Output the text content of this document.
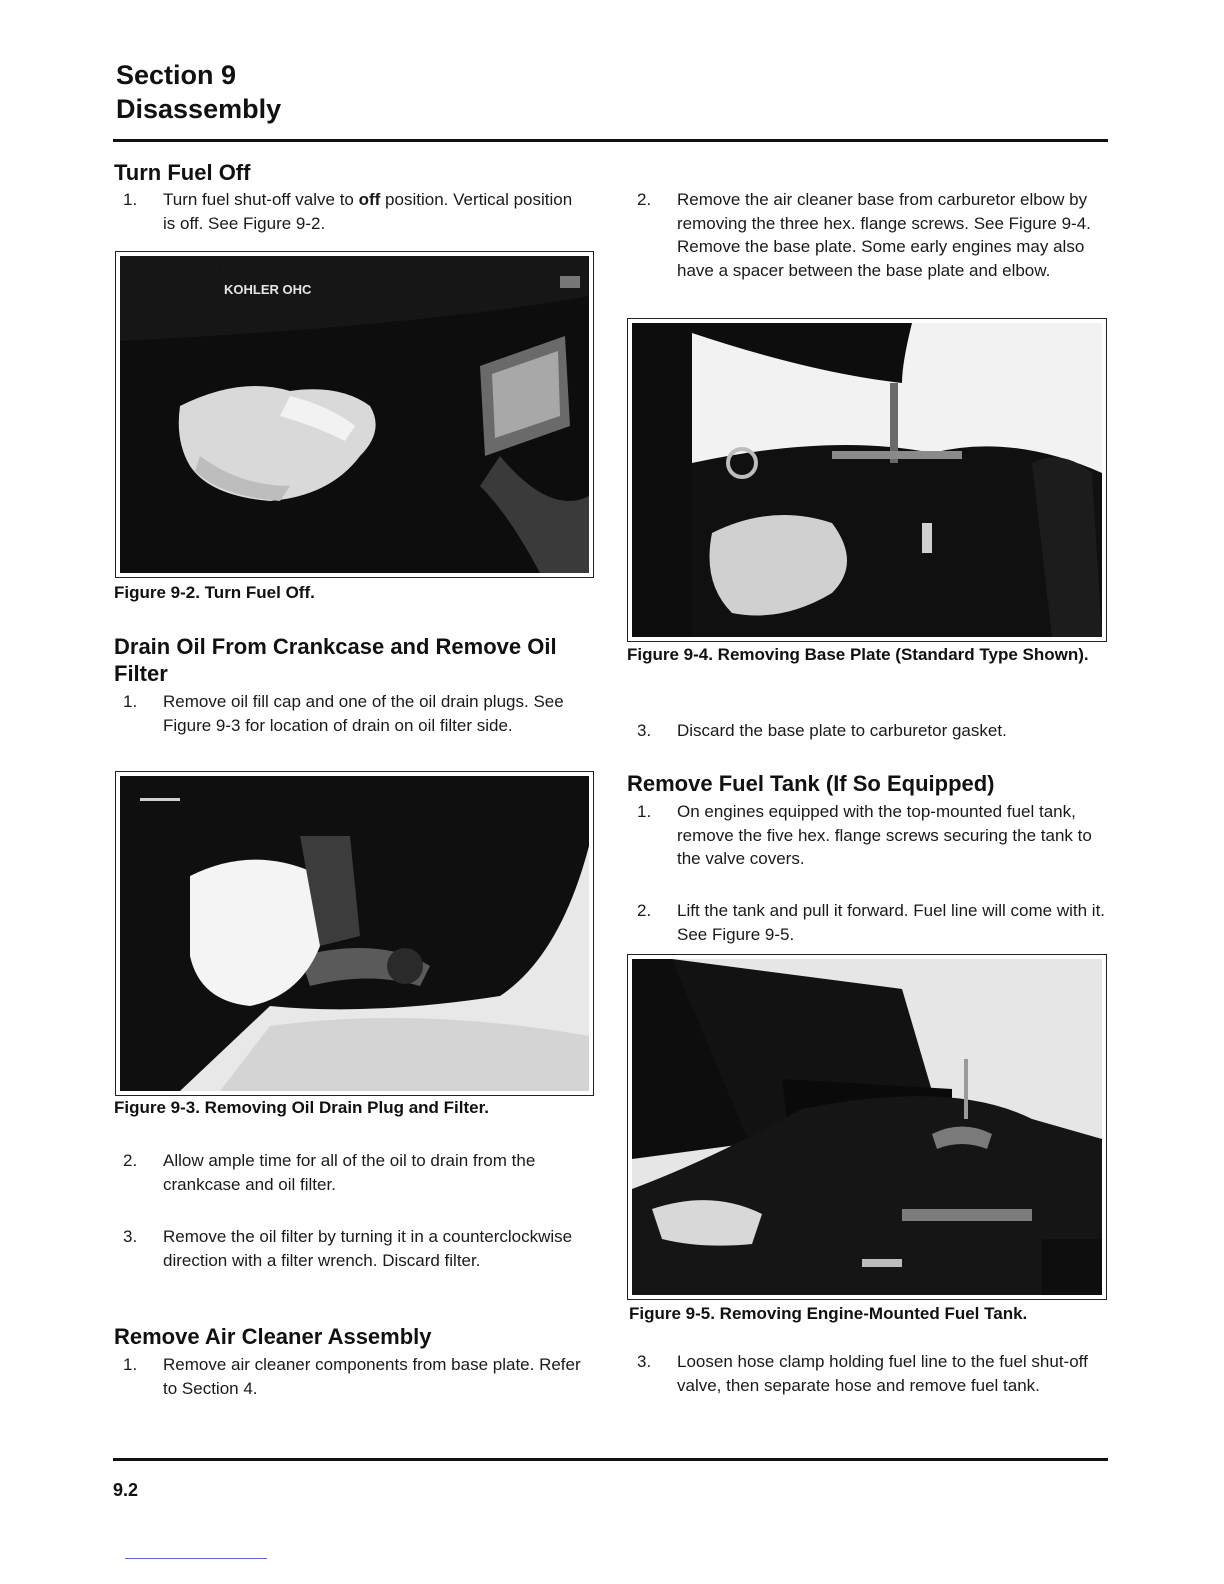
Section 9
Disassembly
Turn Fuel Off
1.	Turn fuel shut-off valve to off position. Vertical position is off. See Figure 9-2.
KOHLER OHC
Figure 9-2. Turn Fuel Off.
Drain Oil From Crankcase and Remove Oil Filter
1.	Remove oil fill cap and one of the oil drain plugs. See Figure 9-3 for location of drain on oil filter side.
Figure 9-3. Removing Oil Drain Plug and Filter.
2.	Allow ample time for all of the oil to drain from the crankcase and oil filter.
3.	Remove the oil filter by turning it in a counterclockwise direction with a filter wrench. Discard filter.
Remove Air Cleaner Assembly
1.	Remove air cleaner components from base plate. Refer to Section 4.
2.	Remove the air cleaner base from carburetor elbow by removing the three hex. flange screws. See Figure 9-4. Remove the base plate. Some early engines may also have a spacer between the base plate and elbow.
Figure 9-4. Removing Base Plate (Standard Type Shown).
3.	Discard the base plate to carburetor gasket.
Remove Fuel Tank (If So Equipped)
1.	On engines equipped with the top-mounted fuel tank, remove the five hex. flange screws securing the tank to the valve covers.
2.	Lift the tank and pull it forward. Fuel line will come with it. See Figure 9-5.
Figure 9-5. Removing Engine-Mounted Fuel Tank.
3.	Loosen hose clamp holding fuel line to the fuel shut-off valve, then separate hose and remove fuel tank.
9.2
